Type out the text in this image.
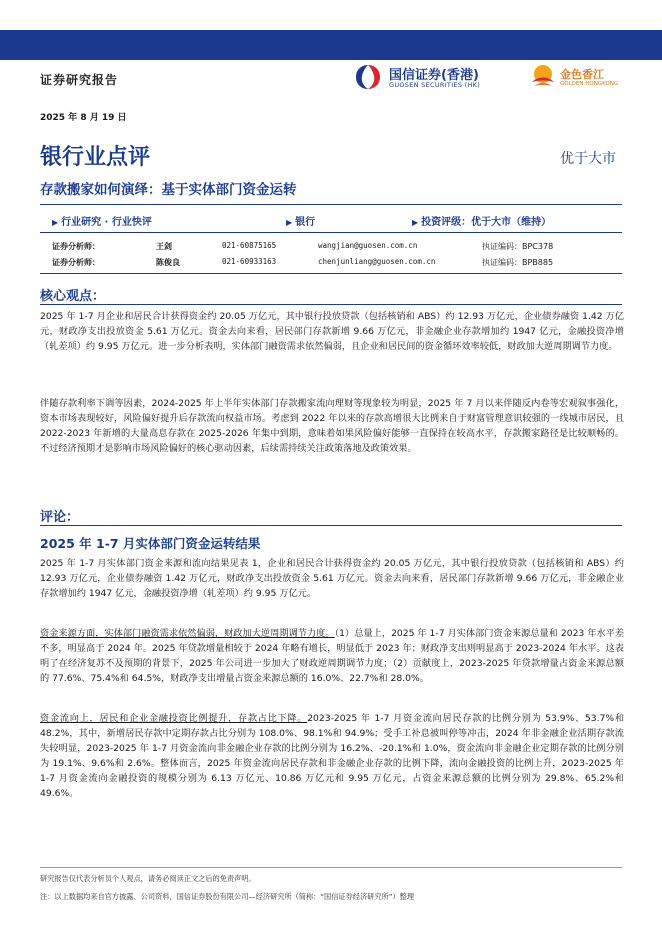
证券研究报告	国信证券(香港)
GUOSEN SECURITIES (HK)
金色香江
GOLDEN HONGKONG
2025 年 8 月 19 日
银行业点评	优于大市
存款搬家如何演绎：基于实体部门资金运转
▶ 行业研究 · 行业快评	▶ 银行	▶ 投资评级：优于大市（维持）
证券分析师：	王剑	021-60875165	wangjian@guosen.com.cn	执证编码：BPC378
证券分析师：	陈俊良	021-60933163	chenjunliang@guosen.com.cn	执证编码：BPB885
核心观点：

2025 年 1-7 月企业和居民合计获得资金约 20.05 万亿元，其中银行投放贷款（包括核销和 ABS）约 12.93 万亿元，企业债券融资 1.42 万亿元，财政净支出投放资金 5.61 万亿元。资金去向来看，居民部门存款新增 9.66 万亿元，非金融企业存款增加约 1947 亿元，金融投资净增（轧差项）约 9.95 万亿元。进一步分析表明，实体部门融资需求依然偏弱，且企业和居民间的资金循环效率较低，财政加大逆周期调节力度。

伴随存款利率下调等因素，2024-2025 年上半年实体部门存款搬家流向理财等现象较为明显，2025 年 7 月以来伴随反内卷等宏观叙事强化，资本市场表现较好，风险偏好提升后存款流向权益市场。考虑到 2022 年以来的存款高增很大比例来自于财富管理意识较强的一线城市居民，且 2022-2023 年新增的大量高息存款在 2025-2026 年集中到期，意味着如果风险偏好能够一直保持在较高水平，存款搬家路径是比较顺畅的。不过经济预期才是影响市场风险偏好的核心驱动因素，后续需持续关注政策落地及政策效果。

评论：
2025 年 1-7 月实体部门资金运转结果

2025 年 1-7 月实体部门资金来源和流向结果见表 1，企业和居民合计获得资金约 20.05 万亿元，其中银行投放贷款（包括核销和 ABS）约 12.93 万亿元，企业债券融资 1.42 万亿元，财政净支出投放资金 5.61 万亿元。资金去向来看，居民部门存款新增 9.66 万亿元，非金融企业存款增加约 1947 亿元，金融投资净增（轧差项）约 9.95 万亿元。

资金来源方面，实体部门融资需求依然偏弱，财政加大逆周期调节力度。（1）总量上，2025 年 1-7 月实体部门资金来源总量和 2023 年水平差不多，明显高于 2024 年。2025 年贷款增量相较于 2024 年略有增长，明显低于 2023 年；财政净支出则明显高于 2023-2024 年水平。这表明了在经济复苏不及预期的背景下，2025 年公司进一步加大了财政逆周期调节力度；（2）贡献度上，2023-2025 年贷款增量占资金来源总额的 77.6%、75.4%和 64.5%，财政净支出增量占资金来源总额的 16.0%、22.7%和 28.0%。

资金流向上，居民和企业金融投资比例提升，存款占比下降。2023-2025 年 1-7 月资金流向居民存款的比例分别为 53.9%、53.7%和 48.2%，其中，新增居民存款中定期存款占比分别为 108.0%、98.1%和 94.9%；受手工补息被叫停等冲击，2024 年非金融企业活期存款流失较明显，2023-2025 年 1-7 月资金流向非金融企业存款的比例分别为 16.2%、-20.1%和 1.0%，资金流向非金融企业定期存款的比例分别为 19.1%、9.6%和 2.6%。整体而言，2025 年资金流向居民存款和非金融企业存款的比例下降，流向金融投资的比例上升，2023-2025 年 1-7 月资金流向金融投资的规模分别为 6.13 万亿元、10.86 万亿元和 9.95 万亿元，占资金来源总额的比例分别为 29.8%、65.2%和 49.6%。

研究报告仅代表分析员个人观点，请务必阅读正文之后的免责声明。
注：以上数据均来自官方披露、公司资料，国信证券股份有限公司—经济研究所（简称：“国信证券经济研究所”）整理
